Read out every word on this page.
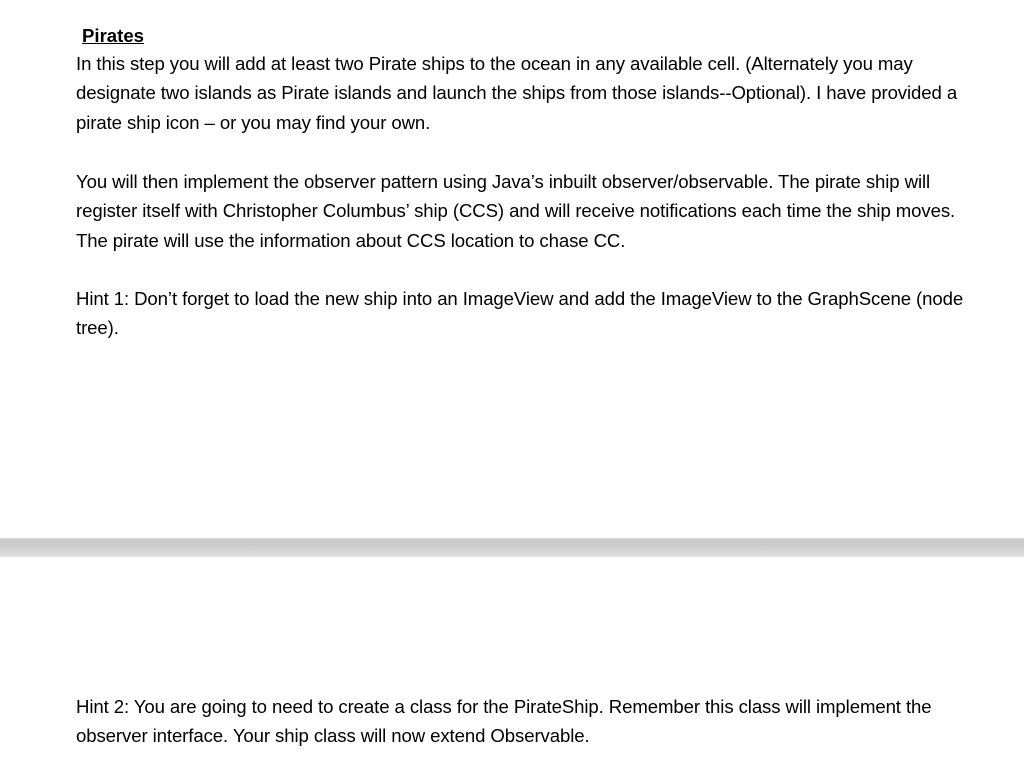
Pirates

In this step you will add at least two Pirate ships to the ocean in any available cell. (Alternately you may designate two islands as Pirate islands and launch the ships from those islands--Optional). I have provided a pirate ship icon – or you may find your own.

You will then implement the observer pattern using Java’s inbuilt observer/observable. The pirate ship will register itself with Christopher Columbus’ ship (CCS) and will receive notifications each time the ship moves. The pirate will use the information about CCS location to chase CC.

Hint 1: Don’t forget to load the new ship into an ImageView and add the ImageView to the GraphScene (node tree).

Hint 2: You are going to need to create a class for the PirateShip. Remember this class will implement the observer interface. Your ship class will now extend Observable.
